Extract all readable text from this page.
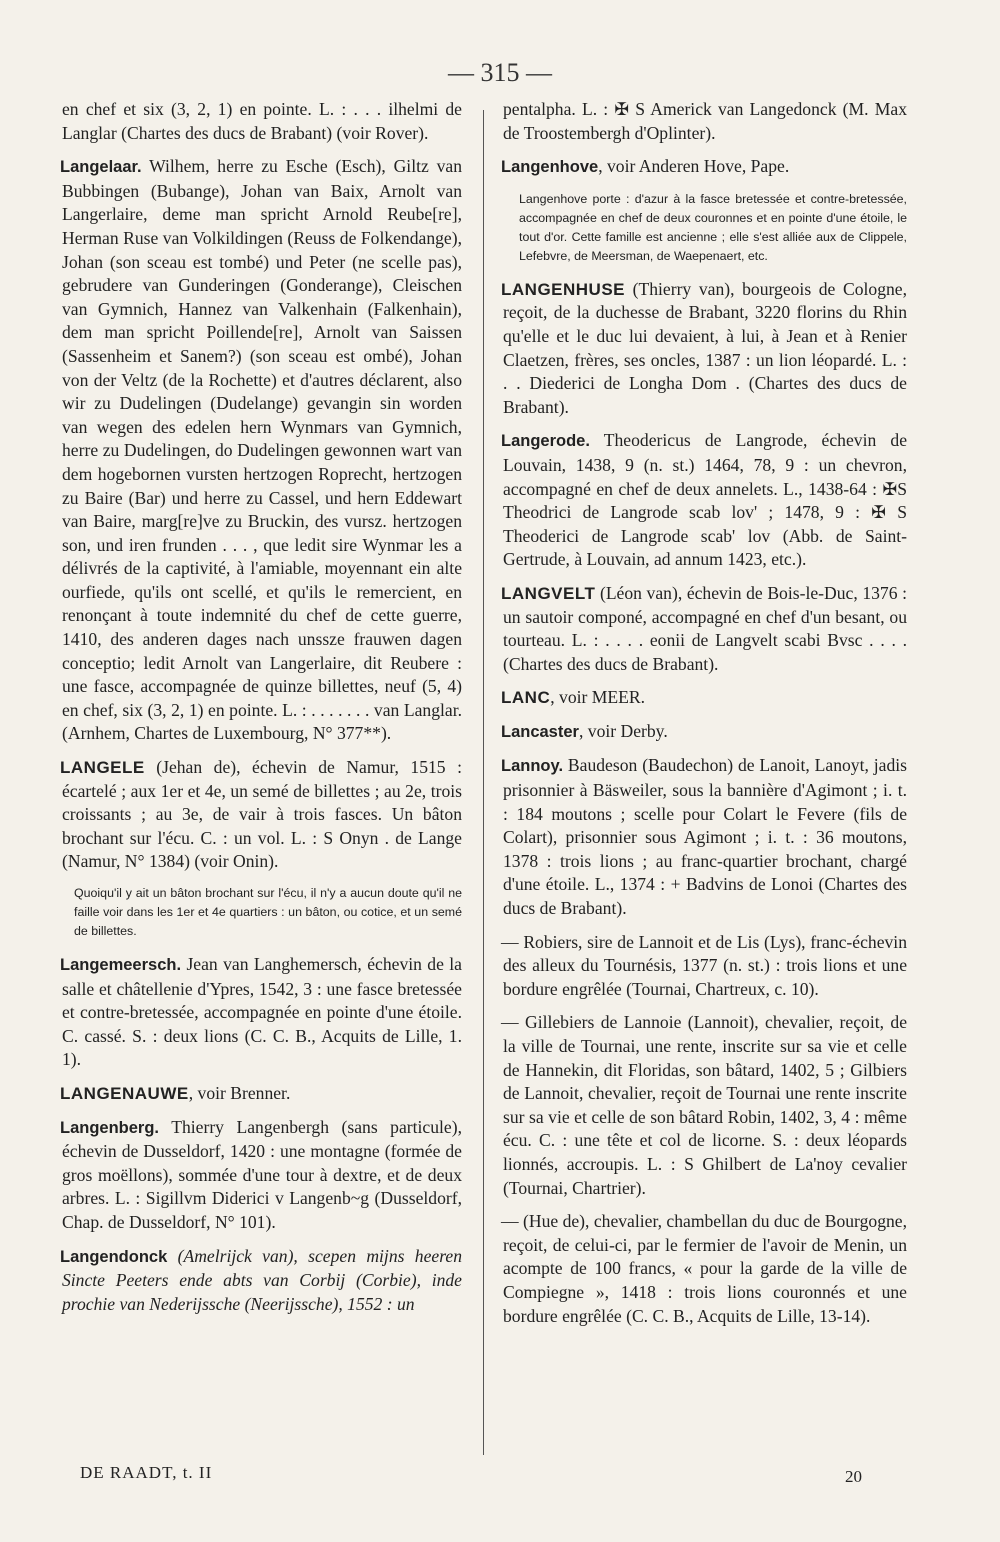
— 315 —

en chef et six (3, 2, 1) en pointe. L. : . . . ilhelmi de Langlar (Chartes des ducs de Brabant) (voir Rover).

Langelaar. Wilhem, herre zu Esche (Esch), Giltz van Bubbingen (Bubange), Johan van Baix, Arnolt van Langerlaire, deme man spricht Arnold Reube[re], Herman Ruse van Volkildingen (Reuss de Folkendange), Johan (son sceau est tombé) und Peter (ne scelle pas), gebrudere van Gunderingen (Gonderange), Cleischen van Gymnich, Hannez van Valkenhain (Falkenhain), dem man spricht Poillende[re], Arnolt van Saissen (Sassenheim et Sanem?) (son sceau est ombé), Johan von der Veltz (de la Rochette) et d'autres déclarent, also wir zu Dudelingen (Dudelange) gevangin sin worden van wegen des edelen hern Wynmars van Gymnich, herre zu Dudelingen, do Dudelingen gewonnen wart van dem hogebornen vursten hertzogen Roprecht, hertzogen zu Baire (Bar) und herre zu Cassel, und hern Eddewart van Baire, marg[re]ve zu Bruckin, des vursz. hertzogen son, und iren frunden . . . , que ledit sire Wynmar les a délivrés de la captivité, à l'amiable, moyennant ein alte ourfiede, qu'ils ont scellé, et qu'ils le remercient, en renonçant à toute indemnité du chef de cette guerre, 1410, des anderen dages nach unssze frauwen dagen conceptio; ledit Arnolt van Langerlaire, dit Reubere : une fasce, accompagnée de quinze billettes, neuf (5, 4) en chef, six (3, 2, 1) en pointe. L. : . . . . . . . van Langlar. (Arnhem, Chartes de Luxembourg, N° 377**).

LANGELE (Jehan de), échevin de Namur, 1515 : écartelé ; aux 1er et 4e, un semé de billettes ; au 2e, trois croissants ; au 3e, de vair à trois fasces. Un bâton brochant sur l'écu. C. : un vol. L. : S Onyn . de Lange (Namur, N° 1384) (voir Onin).

Quoiqu'il y ait un bâton brochant sur l'écu, il n'y a aucun doute qu'il ne faille voir dans les 1er et 4e quartiers : un bâton, ou cotice, et un semé de billettes.

Langemeersch. Jean van Langhemersch, échevin de la salle et châtellenie d'Ypres, 1542, 3 : une fasce bretessée et contre-bretessée, accompagnée en pointe d'une étoile. C. cassé. S. : deux lions (C. C. B., Acquits de Lille, 1. 1).

LANGENAUWE, voir Brenner.

Langenberg. Thierry Langenbergh (sans particule), échevin de Dusseldorf, 1420 : une montagne (formée de gros moëllons), sommée d'une tour à dextre, et de deux arbres. L. : Sigillvm Diderici v Langenb~g (Dusseldorf, Chap. de Dusseldorf, N° 101).

Langendonck (Amelrijck van), scepen mijns heeren Sincte Peeters ende abts van Corbij (Corbie), inde prochie van Nederijssche (Neerijssche), 1552 : un

pentalpha. L. : ✠ S Americk van Langedonck (M. Max de Troostembergh d'Oplinter).

Langenhove, voir Anderen Hove, Pape.

Langenhove porte : d'azur à la fasce bretessée et contre-bretessée, accompagnée en chef de deux couronnes et en pointe d'une étoile, le tout d'or. Cette famille est ancienne ; elle s'est alliée aux de Clippele, Lefebvre, de Meersman, de Waepenaert, etc.

LANGENHUSE (Thierry van), bourgeois de Cologne, reçoit, de la duchesse de Brabant, 3220 florins du Rhin qu'elle et le duc lui devaient, à lui, à Jean et à Renier Claetzen, frères, ses oncles, 1387 : un lion léopardé. L. : . . Diederici de Longha Dom . (Chartes des ducs de Brabant).

Langerode. Theodericus de Langrode, échevin de Louvain, 1438, 9 (n. st.) 1464, 78, 9 : un chevron, accompagné en chef de deux annelets. L., 1438-64 : ✠S Theodrici de Langrode scab lov' ; 1478, 9 : ✠ S Theoderici de Langrode scab' lov (Abb. de Saint-Gertrude, à Louvain, ad annum 1423, etc.).

LANGVELT (Léon van), échevin de Bois-le-Duc, 1376 : un sautoir componé, accompagné en chef d'un besant, ou tourteau. L. : . . . . eonii de Langvelt scabi Bvsc . . . . (Chartes des ducs de Brabant).

LANC, voir MEER.

Lancaster, voir Derby.

Lannoy. Baudeson (Baudechon) de Lanoit, Lanoyt, jadis prisonnier à Bäsweiler, sous la bannière d'Agimont ; i. t. : 184 moutons ; scelle pour Colart le Fevere (fils de Colart), prisonnier sous Agimont ; i. t. : 36 moutons, 1378 : trois lions ; au franc-quartier brochant, chargé d'une étoile. L., 1374 : + Badvins de Lonoi (Chartes des ducs de Brabant).

— Robiers, sire de Lannoit et de Lis (Lys), franc-échevin des alleux du Tournésis, 1377 (n. st.) : trois lions et une bordure engrêlée (Tournai, Chartreux, c. 10).

— Gillebiers de Lannoie (Lannoit), chevalier, reçoit, de la ville de Tournai, une rente, inscrite sur sa vie et celle de Hannekin, dit Floridas, son bâtard, 1402, 5 ; Gilbiers de Lannoit, chevalier, reçoit de Tournai une rente inscrite sur sa vie et celle de son bâtard Robin, 1402, 3, 4 : même écu. C. : une tête et col de licorne. S. : deux léopards lionnés, accroupis. L. : S Ghilbert de La'noy cevalier (Tournai, Chartrier).

— (Hue de), chevalier, chambellan du duc de Bourgogne, reçoit, de celui-ci, par le fermier de l'avoir de Menin, un acompte de 100 francs, « pour la garde de la ville de Compiegne », 1418 : trois lions couronnés et une bordure engrêlée (C. C. B., Acquits de Lille, 13-14).

DE RAADT, t. II	20
